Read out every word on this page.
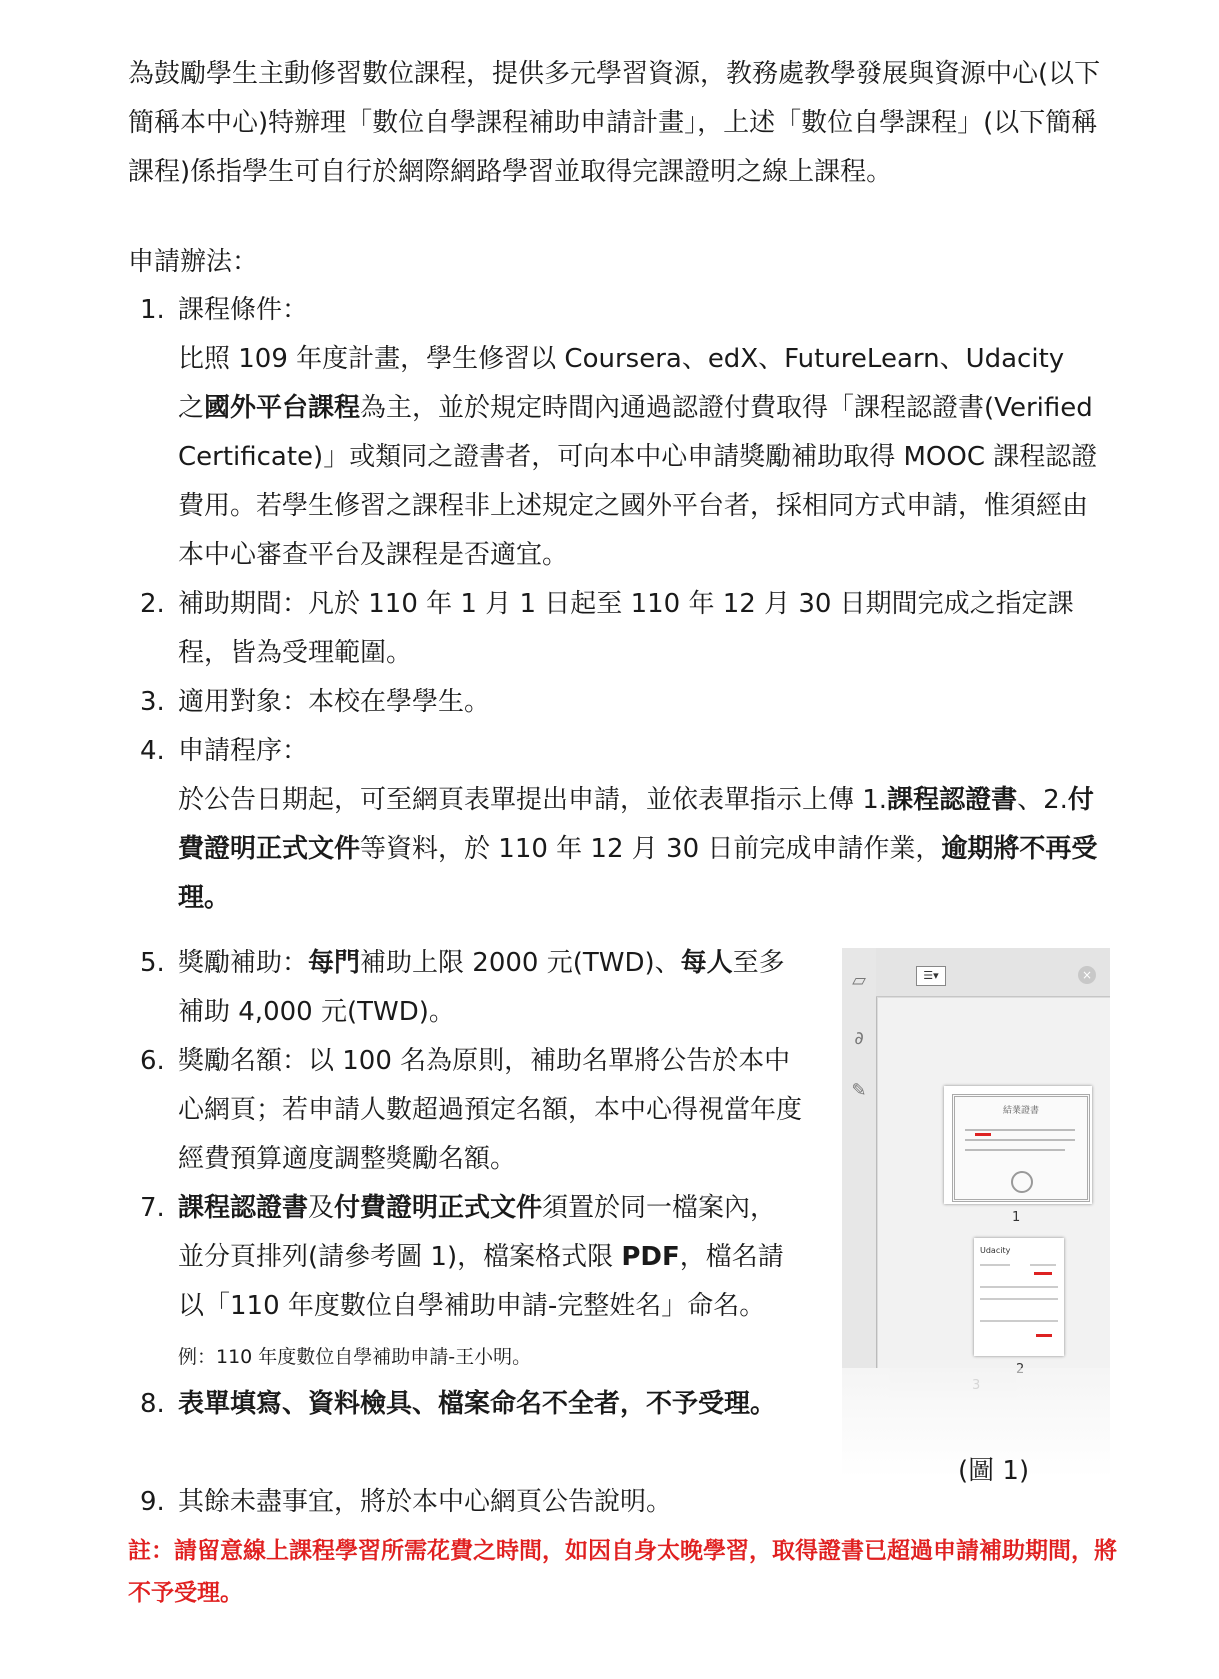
為鼓勵學生主動修習數位課程，提供多元學習資源，教務處教學發展與資源中心(以下簡稱本中心)特辦理「數位自學課程補助申請計畫」，上述「數位自學課程」(以下簡稱課程)係指學生可自行於網際網路學習並取得完課證明之線上課程。
申請辦法：
1. 課程條件：
比照 109 年度計畫，學生修習以 Coursera、edX、FutureLearn、Udacity 之國外平台課程為主，並於規定時間內通過認證付費取得「課程認證書(Verified Certificate)」或類同之證書者，可向本中心申請獎勵補助取得 MOOC 課程認證費用。若學生修習之課程非上述規定之國外平台者，採相同方式申請，惟須經由本中心審查平台及課程是否適宜。
2. 補助期間：凡於 110 年 1 月 1 日起至 110 年 12 月 30 日期間完成之指定課程，皆為受理範圍。
3. 適用對象：本校在學學生。
4. 申請程序：
於公告日期起，可至網頁表單提出申請，並依表單指示上傳 1.課程認證書、2.付費證明正式文件等資料，於 110 年 12 月 30 日前完成申請作業，逾期將不再受理。
5. 獎勵補助：每門補助上限 2000 元(TWD)、每人至多補助 4,000 元(TWD)。
6. 獎勵名額：以 100 名為原則，補助名單將公告於本中心網頁；若申請人數超過預定名額，本中心得視當年度經費預算適度調整獎勵名額。
7. 課程認證書及付費證明正式文件須置於同一檔案內，並分頁排列(請參考圖 1)，檔案格式限 PDF，檔名請以「110 年度數位自學補助申請-完整姓名」命名。例：110 年度數位自學補助申請-王小明。
8. 表單填寫、資料檢具、檔案命名不全者，不予受理。
9. 其餘未盡事宜，將於本中心網頁公告說明。
註：請留意線上課程學習所需花費之時間，如因自身太晚學習，取得證書已超過申請補助期間，將不予受理。
▱
∂
✎
☰▾	×
結業證書
1
Udacity
3
(圖 1)
